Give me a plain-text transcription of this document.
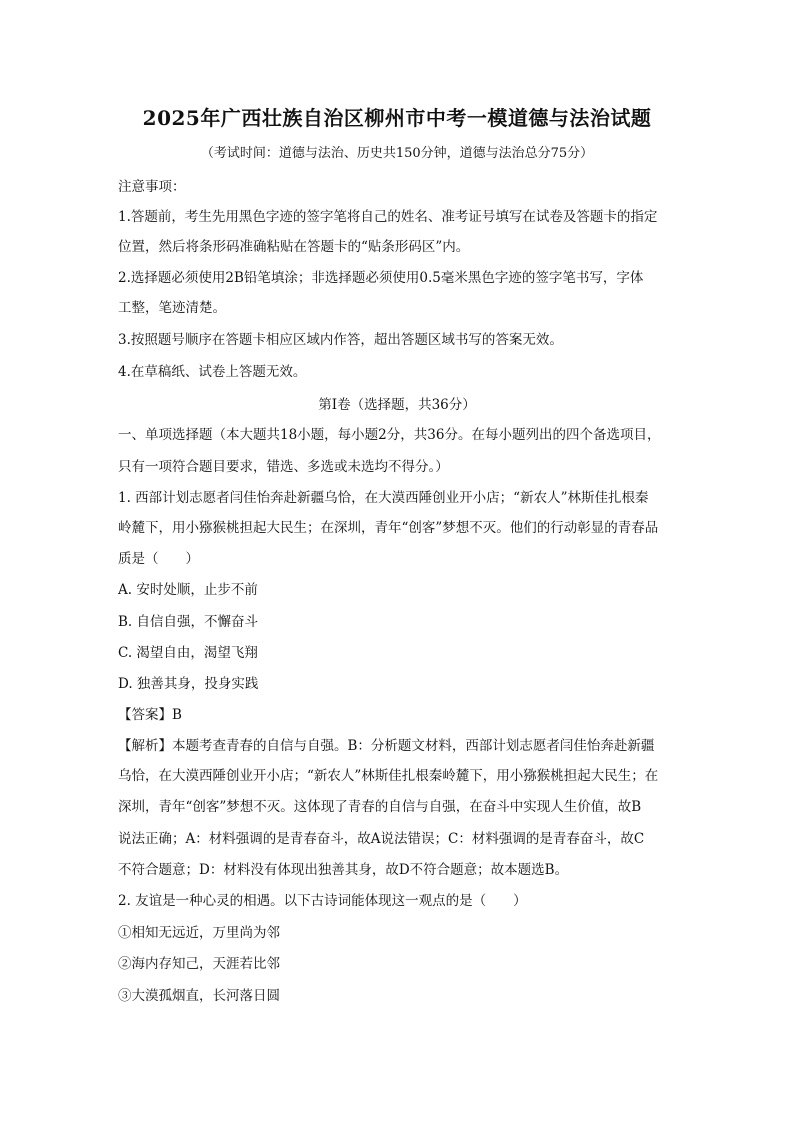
2025年广西壮族自治区柳州市中考一模道德与法治试题
（考试时间：道德与法治、历史共150分钟，道德与法治总分75分）
注意事项：
1.答题前，考生先用黑色字迹的签字笔将自己的姓名、准考证号填写在试卷及答题卡的指定
位置，然后将条形码准确粘贴在答题卡的“贴条形码区”内。
2.选择题必须使用2B铅笔填涂；非选择题必须使用0.5毫米黑色字迹的签字笔书写，字体
工整，笔迹清楚。
3.按照题号顺序在答题卡相应区域内作答，超出答题区域书写的答案无效。
4.在草稿纸、试卷上答题无效。
第Ⅰ卷（选择题，共36分）
一、单项选择题（本大题共18小题，每小题2分，共36分。在每小题列出的四个备选项目，
只有一项符合题目要求，错选、多选或未选均不得分。）
1. 西部计划志愿者闫佳怡奔赴新疆乌恰，在大漠西陲创业开小店；“新农人”林斯佳扎根秦
岭麓下，用小猕猴桃担起大民生；在深圳，青年“创客”梦想不灭。他们的行动彰显的青春品
质是（　　）
A. 安时处顺，止步不前
B. 自信自强，不懈奋斗
C. 渴望自由，渴望飞翔
D. 独善其身，投身实践
【答案】B
【解析】本题考查青春的自信与自强。B：分析题文材料，西部计划志愿者闫佳怡奔赴新疆
乌恰，在大漠西陲创业开小店；“新农人”林斯佳扎根秦岭麓下，用小猕猴桃担起大民生；在
深圳，青年“创客”梦想不灭。这体现了青春的自信与自强，在奋斗中实现人生价值，故B
说法正确；A：材料强调的是青春奋斗，故A说法错误；C：材料强调的是青春奋斗，故C
不符合题意；D：材料没有体现出独善其身，故D不符合题意；故本题选B。
2. 友谊是一种心灵的相遇。以下古诗词能体现这一观点的是（　　）
①相知无远近，万里尚为邻
②海内存知己，天涯若比邻
③大漠孤烟直，长河落日圆
